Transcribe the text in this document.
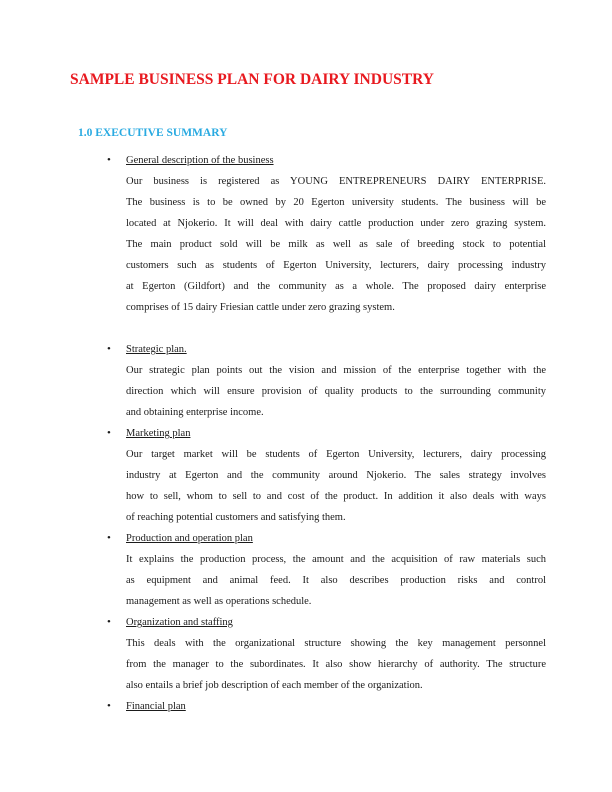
SAMPLE BUSINESS PLAN FOR DAIRY INDUSTRY
1.0 EXECUTIVE SUMMARY
• General description of the business
Our business is registered as YOUNG ENTREPRENEURS DAIRY ENTERPRISE.
The business is to be owned by 20 Egerton university students. The business will be
located at Njokerio. It will deal with dairy cattle production under zero grazing system.
The main product sold will be milk as well as sale of breeding stock to potential
customers such as students of Egerton University, lecturers, dairy processing industry
at Egerton (Gildfort) and the community as a whole. The proposed dairy enterprise
comprises of 15 dairy Friesian cattle under zero grazing system.
• Strategic plan.
Our strategic plan points out the vision and mission of the enterprise together with the
direction which will ensure provision of quality products to the surrounding community
and obtaining enterprise income.
• Marketing plan
Our target market will be students of Egerton University, lecturers, dairy processing
industry at Egerton and the community around Njokerio. The sales strategy involves
how to sell, whom to sell to and cost of the product. In addition it also deals with ways
of reaching potential customers and satisfying them.
• Production and operation plan
It explains the production process, the amount and the acquisition of raw materials such
as equipment and animal feed. It also describes production risks and control
management as well as operations schedule.
• Organization and staffing
This deals with the organizational structure showing the key management personnel
from the manager to the subordinates. It also show hierarchy of authority. The structure
also entails a brief job description of each member of the organization.
• Financial plan
